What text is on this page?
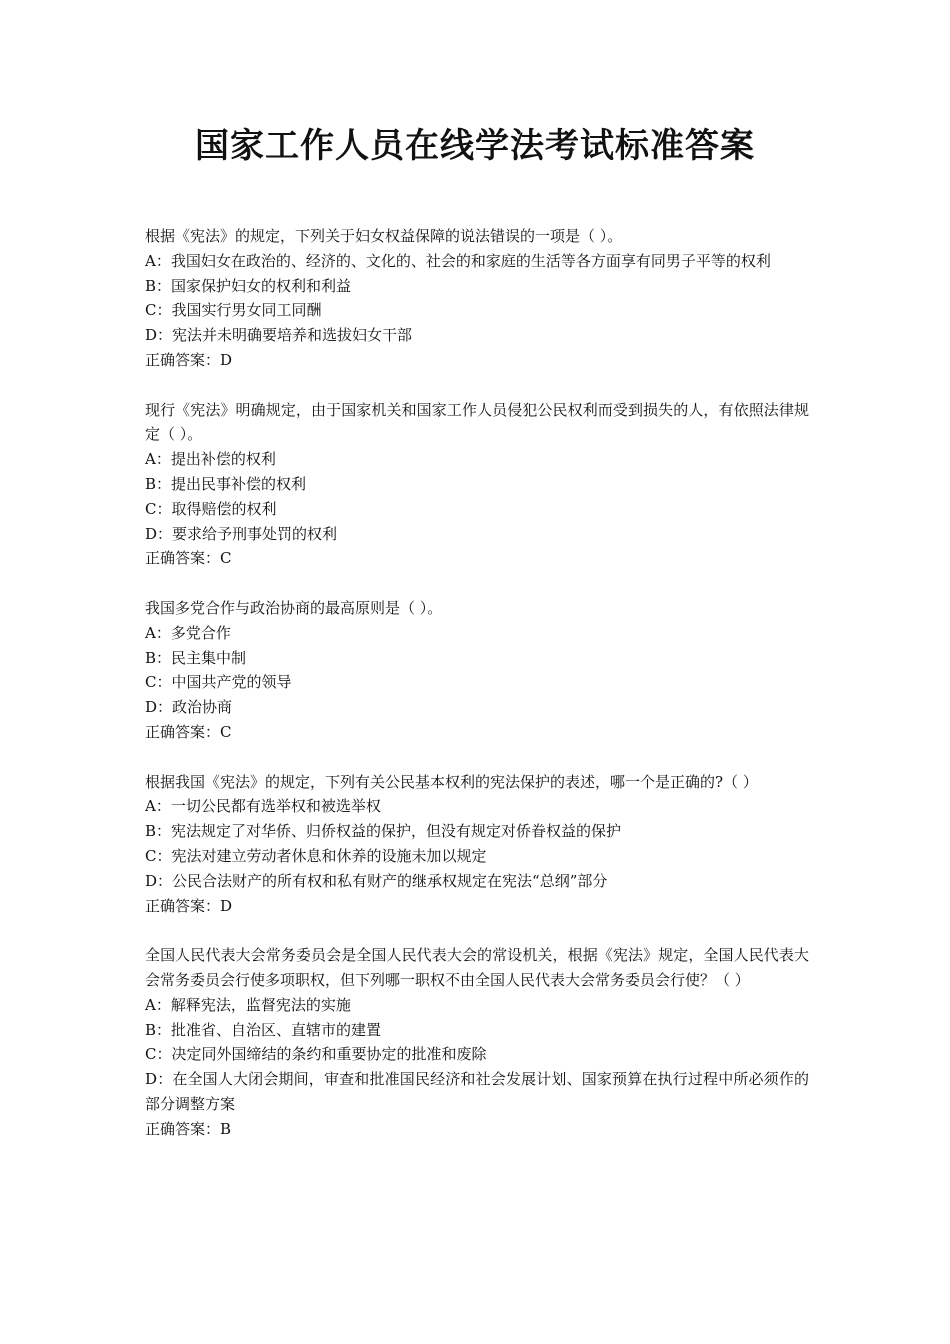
国家工作人员在线学法考试标准答案

根据《宪法》的规定，下列关于妇女权益保障的说法错误的一项是（ ）。

A：我国妇女在政治的、经济的、文化的、社会的和家庭的生活等各方面享有同男子平等的权利

B：国家保护妇女的权利和利益

C：我国实行男女同工同酬

D：宪法并未明确要培养和选拔妇女干部

正确答案：D

现行《宪法》明确规定，由于国家机关和国家工作人员侵犯公民权利而受到损失的人，有依照法律规定（ ）。

A：提出补偿的权利

B：提出民事补偿的权利

C：取得赔偿的权利

D：要求给予刑事处罚的权利

正确答案：C

我国多党合作与政治协商的最高原则是（ ）。

A：多党合作

B：民主集中制

C：中国共产党的领导

D：政治协商

正确答案：C

根据我国《宪法》的规定，下列有关公民基本权利的宪法保护的表述，哪一个是正确的?（ ）

A：一切公民都有选举权和被选举权

B：宪法规定了对华侨、归侨权益的保护，但没有规定对侨眷权益的保护

C：宪法对建立劳动者休息和休养的设施未加以规定

D：公民合法财产的所有权和私有财产的继承权规定在宪法“总纲”部分

正确答案：D

全国人民代表大会常务委员会是全国人民代表大会的常设机关，根据《宪法》规定，全国人民代表大会常务委员会行使多项职权，但下列哪一职权不由全国人民代表大会常务委员会行使？（ ）

A：解释宪法，监督宪法的实施

B：批准省、自治区、直辖市的建置

C：决定同外国缔结的条约和重要协定的批准和废除

D：在全国人大闭会期间，审查和批准国民经济和社会发展计划、国家预算在执行过程中所必须作的部分调整方案

正确答案：B
